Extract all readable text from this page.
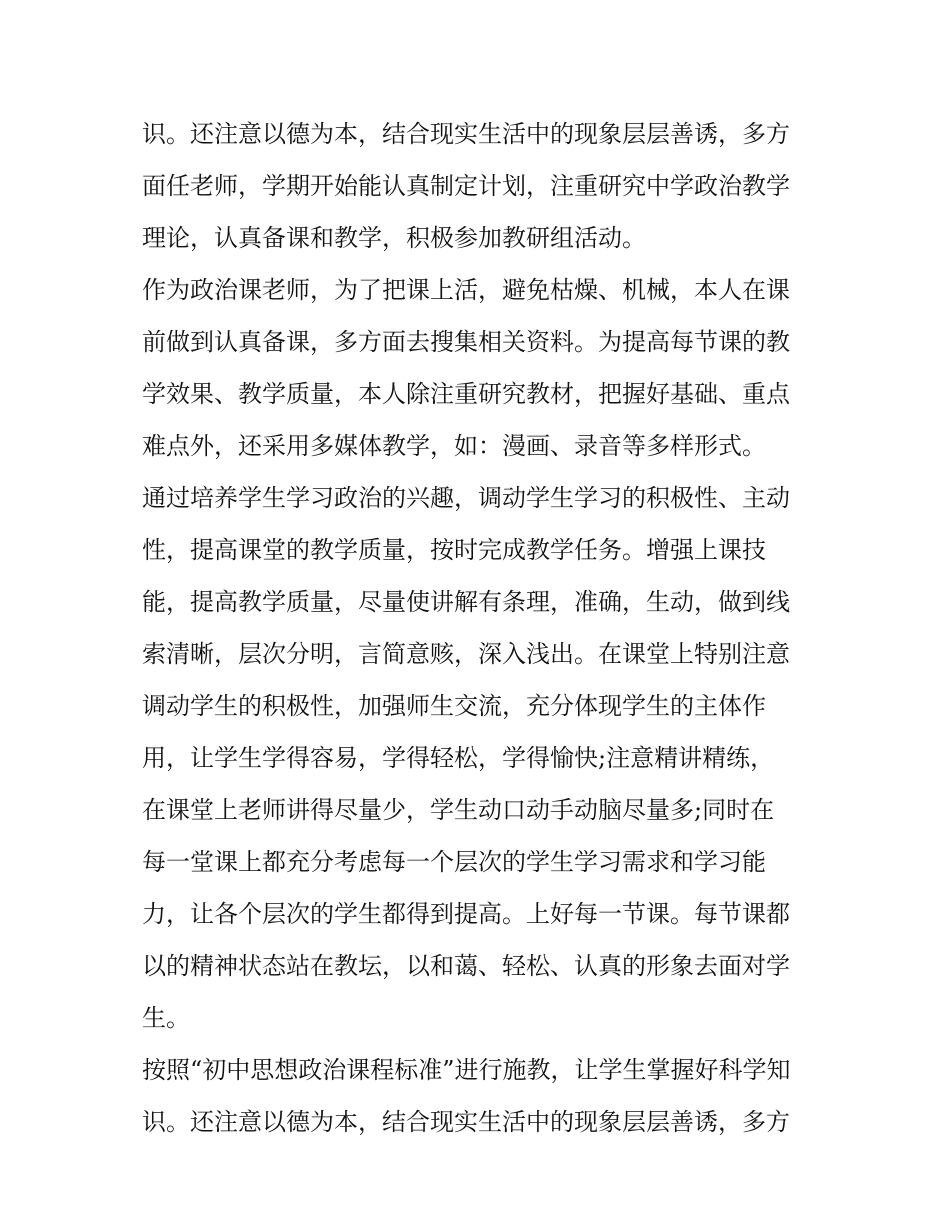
识。还注意以德为本，结合现实生活中的现象层层善诱，多方
面任老师，学期开始能认真制定计划，注重研究中学政治教学
理论，认真备课和教学，积极参加教研组活动。
作为政治课老师，为了把课上活，避免枯燥、机械，本人在课
前做到认真备课，多方面去搜集相关资料。为提高每节课的教
学效果、教学质量，本人除注重研究教材，把握好基础、重点
难点外，还采用多媒体教学，如：漫画、录音等多样形式。
通过培养学生学习政治的兴趣，调动学生学习的积极性、主动
性，提高课堂的教学质量，按时完成教学任务。增强上课技
能，提高教学质量，尽量使讲解有条理，准确，生动，做到线
索清晰，层次分明，言简意赅，深入浅出。在课堂上特别注意
调动学生的积极性，加强师生交流，充分体现学生的主体作
用，让学生学得容易，学得轻松，学得愉快;注意精讲精练，
在课堂上老师讲得尽量少，学生动口动手动脑尽量多;同时在
每一堂课上都充分考虑每一个层次的学生学习需求和学习能
力，让各个层次的学生都得到提高。上好每一节课。每节课都
以的精神状态站在教坛，以和蔼、轻松、认真的形象去面对学
生。
按照“初中思想政治课程标准”进行施教，让学生掌握好科学知
识。还注意以德为本，结合现实生活中的现象层层善诱，多方
